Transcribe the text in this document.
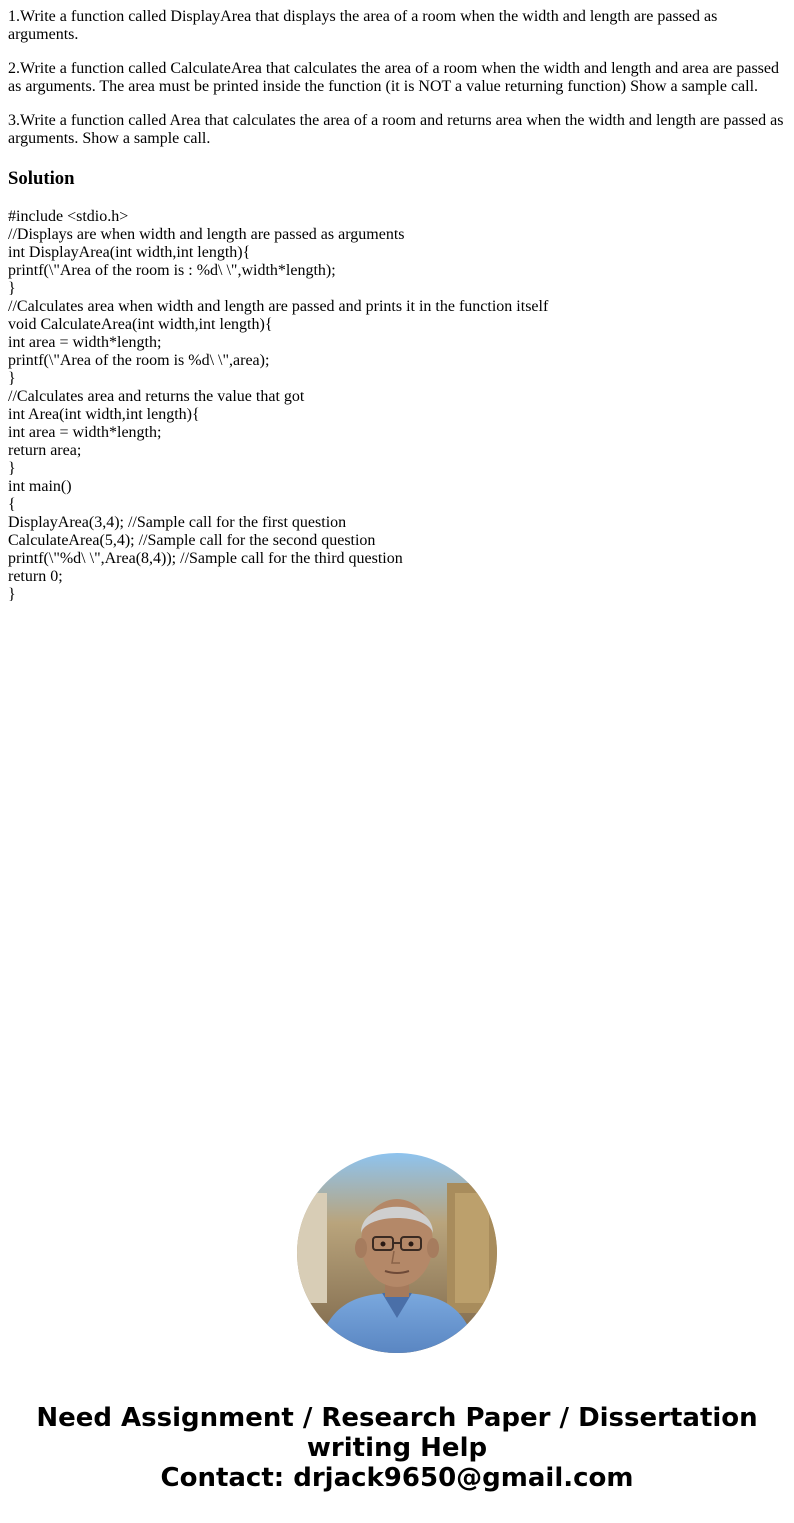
1.Write a function called DisplayArea that displays the area of a room when the width and length are passed as arguments.

2.Write a function called CalculateArea that calculates the area of a room when the width and length and area are passed as arguments. The area must be printed inside the function (it is NOT a value returning function) Show a sample call.

3.Write a function called Area that calculates the area of a room and returns area when the width and length are passed as arguments. Show a sample call.

Solution
#include <stdio.h>
//Displays are when width and length are passed as arguments
int DisplayArea(int width,int length){
printf(\"Area of the room is : %d\ \",width*length);
}
//Calculates area when width and length are passed and prints it in the function itself
void CalculateArea(int width,int length){
int area = width*length;
printf(\"Area of the room is %d\ \",area);
}
//Calculates area and returns the value that got
int Area(int width,int length){
int area = width*length;
return area;
}
int main()
{
DisplayArea(3,4); //Sample call for the first question
CalculateArea(5,4); //Sample call for the second question
printf(\"%d\ \",Area(8,4)); //Sample call for the third question
return 0;
}
Need Assignment / Research Paper / Dissertation
writing Help
Contact: drjack9650@gmail.com
